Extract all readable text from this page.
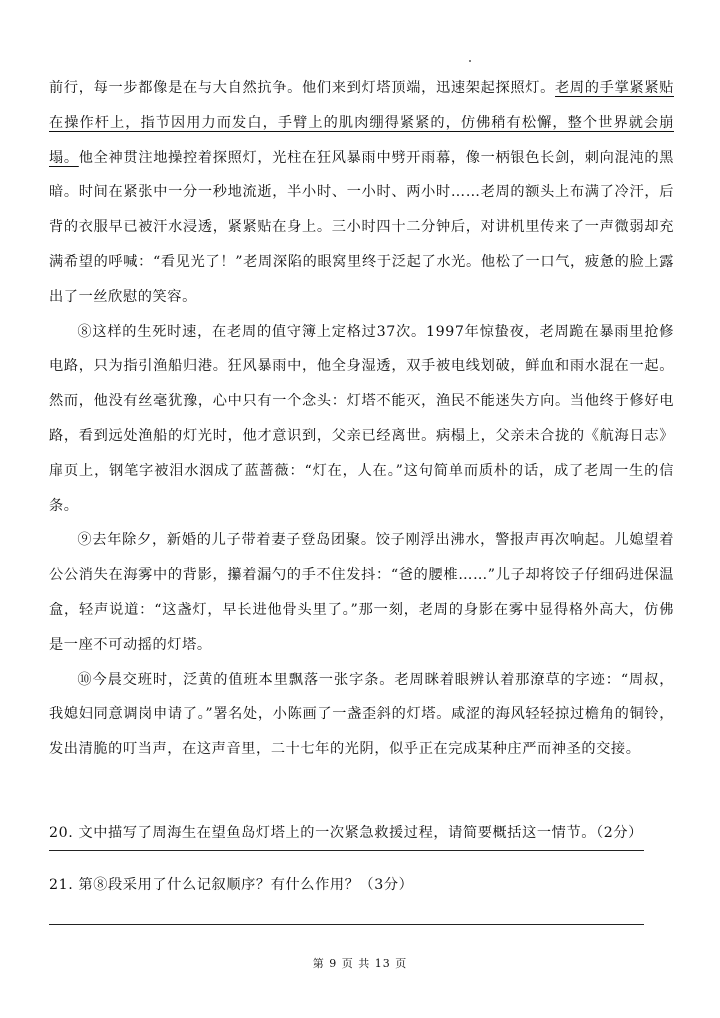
前行，每一步都像是在与大自然抗争。他们来到灯塔顶端，迅速架起探照灯。老周的手掌紧紧贴在操作杆上，指节因用力而发白，手臂上的肌肉绷得紧紧的，仿佛稍有松懈，整个世界就会崩塌。他全神贯注地操控着探照灯，光柱在狂风暴雨中劈开雨幕，像一柄银色长剑，刺向混沌的黑暗。时间在紧张中一分一秒地流逝，半小时、一小时、两小时……老周的额头上布满了冷汗，后背的衣服早已被汗水浸透，紧紧贴在身上。三小时四十二分钟后，对讲机里传来了一声微弱却充满希望的呼喊：“看见光了！”老周深陷的眼窝里终于泛起了水光。他松了一口气，疲惫的脸上露出了一丝欣慰的笑容。

⑧这样的生死时速，在老周的值守簿上定格过37次。1997年惊蛰夜，老周跪在暴雨里抢修电路，只为指引渔船归港。狂风暴雨中，他全身湿透，双手被电线划破，鲜血和雨水混在一起。然而，他没有丝毫犹豫，心中只有一个念头：灯塔不能灭，渔民不能迷失方向。当他终于修好电路，看到远处渔船的灯光时，他才意识到，父亲已经离世。病榻上，父亲未合拢的《航海日志》扉页上，钢笔字被泪水洇成了蓝蔷薇：“灯在，人在。”这句简单而质朴的话，成了老周一生的信条。

⑨去年除夕，新婚的儿子带着妻子登岛团聚。饺子刚浮出沸水，警报声再次响起。儿媳望着公公消失在海雾中的背影，攥着漏勺的手不住发抖：“爸的腰椎……”儿子却将饺子仔细码进保温盒，轻声说道：“这盏灯，早长进他骨头里了。”那一刻，老周的身影在雾中显得格外高大，仿佛是一座不可动摇的灯塔。

⑩今晨交班时，泛黄的值班本里飘落一张字条。老周眯着眼辨认着那潦草的字迹：“周叔，我媳妇同意调岗申请了。”署名处，小陈画了一盏歪斜的灯塔。咸涩的海风轻轻掠过檐角的铜铃，发出清脆的叮当声，在这声音里，二十七年的光阴，似乎正在完成某种庄严而神圣的交接。

20. 文中描写了周海生在望鱼岛灯塔上的一次紧急救援过程，请简要概括这一情节。（2分）
21. 第⑧段采用了什么记叙顺序？有什么作用？（3分）
第 9 页 共 13 页
